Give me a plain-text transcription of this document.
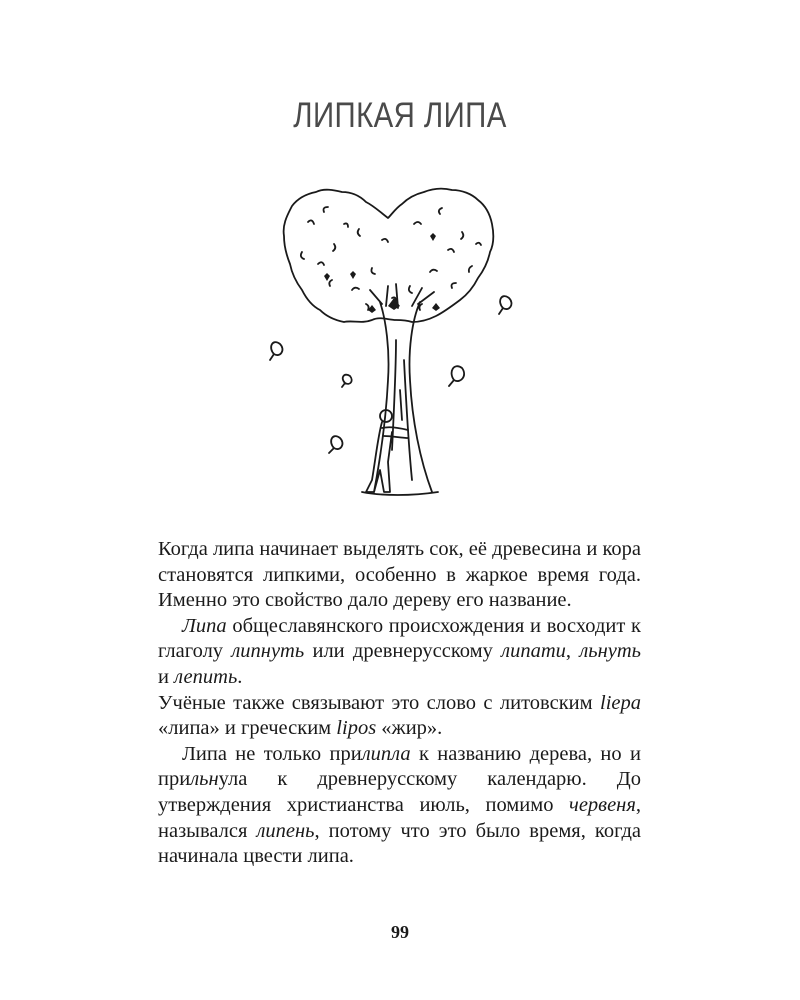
ЛИПКАЯ ЛИПА

Когда липа начинает выделять сок, её древесина и кора становятся липкими, особенно в жаркое время года. Именно это свойство дало дереву его название.

Липа общеславянского происхождения и восходит к глаголу липнуть или древнерусскому липати, льнуть и лепить.

Учёные также связывают это слово с литовским liepa «липа» и греческим lipos «жир».

Липа не только прилипла к названию дерева, но и прильнула к древнерусскому календарю. До утверждения христианства июль, помимо червеня, назывался липень, потому что это было время, когда начинала цвести липа.

99
